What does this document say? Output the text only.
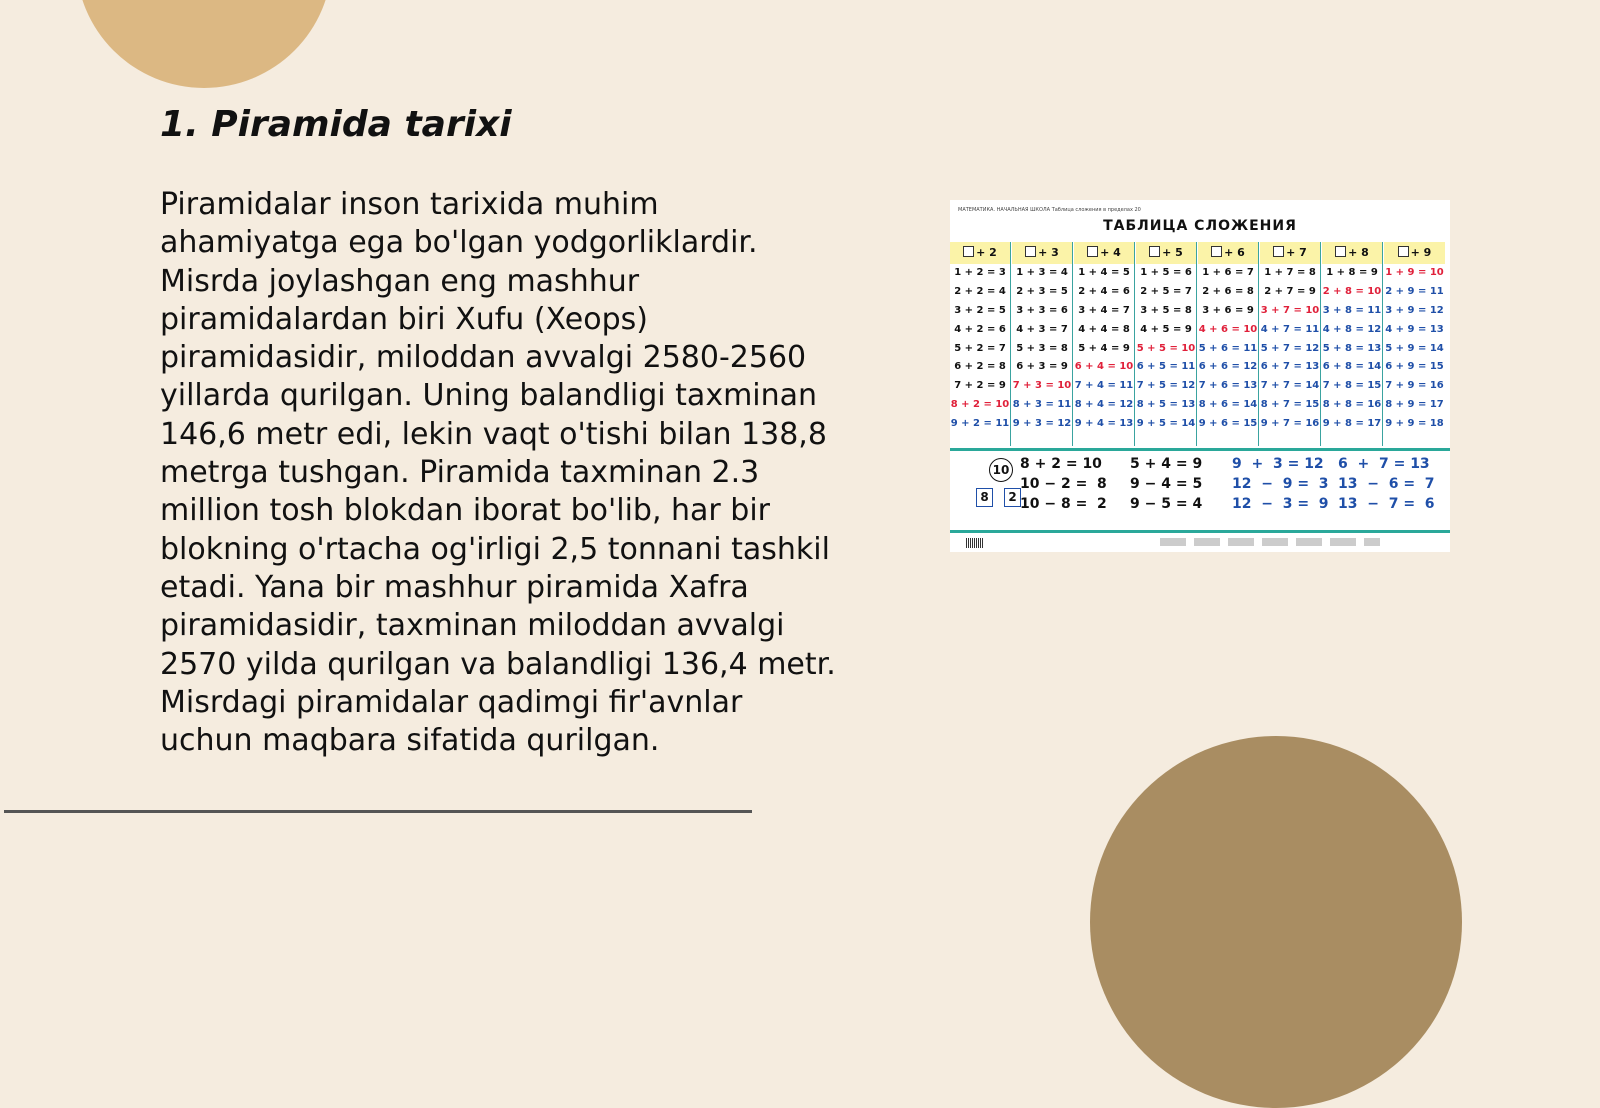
1. Piramida tarixi

Piramidalar inson tarixida muhim ahamiyatga ega bo'lgan yodgorliklardir. Misrda joylashgan eng mashhur piramidalardan biri Xufu (Xeops) piramidasidir, miloddan avvalgi 2580-2560 yillarda qurilgan. Uning balandligi taxminan 146,6 metr edi, lekin vaqt o'tishi bilan 138,8 metrga tushgan. Piramida taxminan 2.3 million tosh blokdan iborat bo'lib, har bir blokning o'rtacha og'irligi 2,5 tonnani tashkil etadi. Yana bir mashhur piramida Xafra piramidasidir, taxminan miloddan avvalgi 2570 yilda qurilgan va balandligi 136,4 metr. Misrdagi piramidalar qadimgi fir'avnlar uchun maqbara sifatida qurilgan.

МАТЕМАТИКА. НАЧАЛЬНАЯ ШКОЛА Таблица сложения в пределах 20
ТАБЛИЦА СЛОЖЕНИЯ
+ 2
1 + 2 = 3
2 + 2 = 4
3 + 2 = 5
4 + 2 = 6
5 + 2 = 7
6 + 2 = 8
7 + 2 = 9
8 + 2 = 10
9 + 2 = 11
+ 3
1 + 3 = 4
2 + 3 = 5
3 + 3 = 6
4 + 3 = 7
5 + 3 = 8
6 + 3 = 9
7 + 3 = 10
8 + 3 = 11
9 + 3 = 12
+ 4
1 + 4 = 5
2 + 4 = 6
3 + 4 = 7
4 + 4 = 8
5 + 4 = 9
6 + 4 = 10
7 + 4 = 11
8 + 4 = 12
9 + 4 = 13
+ 5
1 + 5 = 6
2 + 5 = 7
3 + 5 = 8
4 + 5 = 9
5 + 5 = 10
6 + 5 = 11
7 + 5 = 12
8 + 5 = 13
9 + 5 = 14
+ 6
1 + 6 = 7
2 + 6 = 8
3 + 6 = 9
4 + 6 = 10
5 + 6 = 11
6 + 6 = 12
7 + 6 = 13
8 + 6 = 14
9 + 6 = 15
+ 7
1 + 7 = 8
2 + 7 = 9
3 + 7 = 10
4 + 7 = 11
5 + 7 = 12
6 + 7 = 13
7 + 7 = 14
8 + 7 = 15
9 + 7 = 16
+ 8
1 + 8 = 9
2 + 8 = 10
3 + 8 = 11
4 + 8 = 12
5 + 8 = 13
6 + 8 = 14
7 + 8 = 15
8 + 8 = 16
9 + 8 = 17
+ 9
1 + 9 = 10
2 + 9 = 11
3 + 9 = 12
4 + 9 = 13
5 + 9 = 14
6 + 9 = 15
7 + 9 = 16
8 + 9 = 17
9 + 9 = 18
10
8	2
8 + 2 = 10
10 − 2 =  8
10 − 8 =  2
5 + 4 = 9
9 − 4 = 5
9 − 5 = 4
9  +  3 = 12
12  −  9 =  3
12  −  3 =  9
6  +  7 = 13
13  −  6 =  7
13  −  7 =  6
